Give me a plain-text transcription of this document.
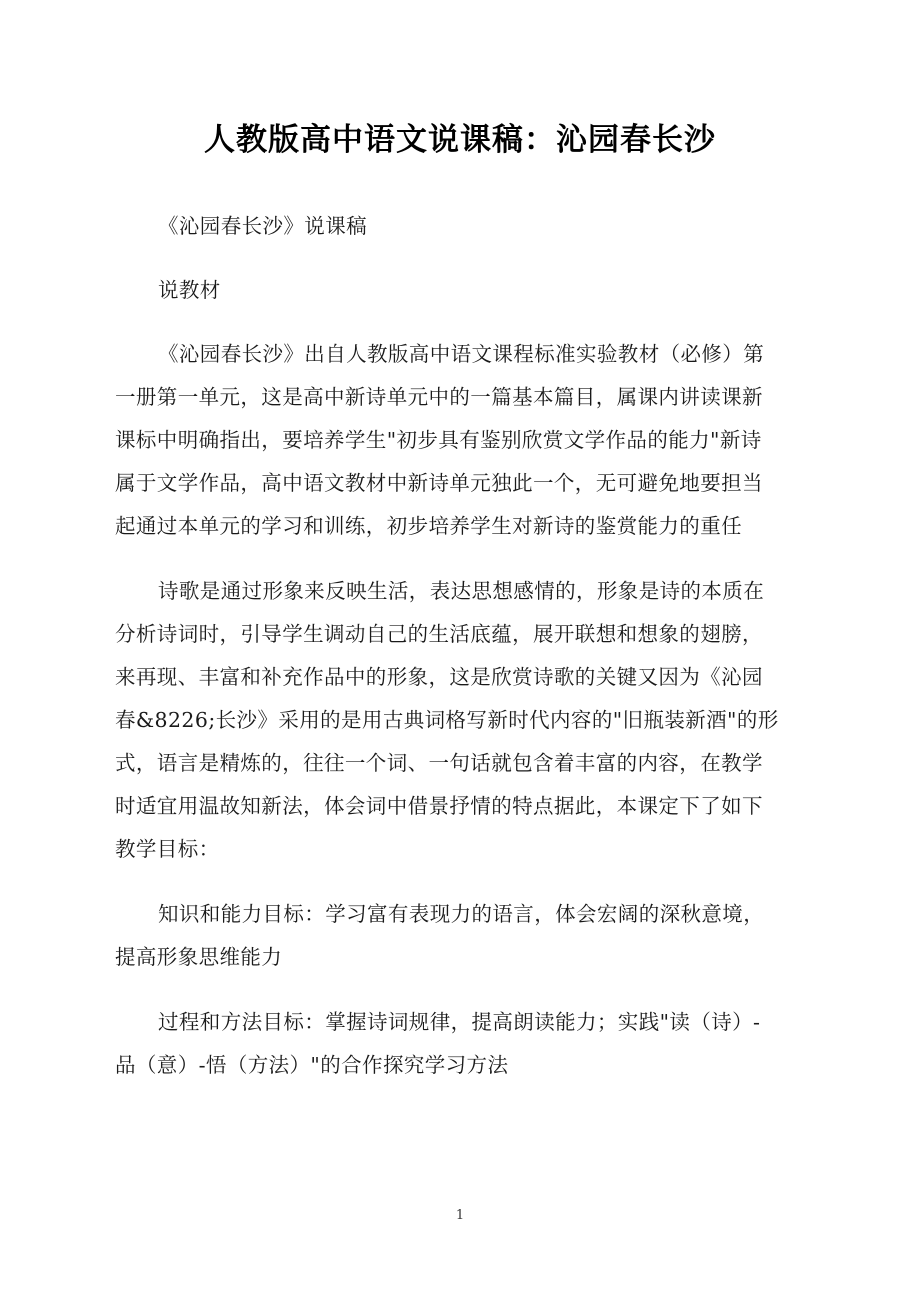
人教版高中语文说课稿：沁园春长沙
《沁园春长沙》说课稿
说教材
《沁园春长沙》出自人教版高中语文课程标准实验教材（必修）第
一册第一单元，这是高中新诗单元中的一篇基本篇目，属课内讲读课新
课标中明确指出，要培养学生"初步具有鉴别欣赏文学作品的能力"新诗
属于文学作品，高中语文教材中新诗单元独此一个，无可避免地要担当
起通过本单元的学习和训练，初步培养学生对新诗的鉴赏能力的重任
诗歌是通过形象来反映生活，表达思想感情的，形象是诗的本质在
分析诗词时，引导学生调动自己的生活底蕴，展开联想和想象的翅膀，
来再现、丰富和补充作品中的形象，这是欣赏诗歌的关键又因为《沁园
春&8226;长沙》采用的是用古典词格写新时代内容的"旧瓶装新酒"的形
式，语言是精炼的，往往一个词、一句话就包含着丰富的内容，在教学
时适宜用温故知新法，体会词中借景抒情的特点据此，本课定下了如下
教学目标：
知识和能力目标：学习富有表现力的语言，体会宏阔的深秋意境，
提高形象思维能力
过程和方法目标：掌握诗词规律，提高朗读能力；实践"读（诗）-
品（意）-悟（方法）"的合作探究学习方法
1
